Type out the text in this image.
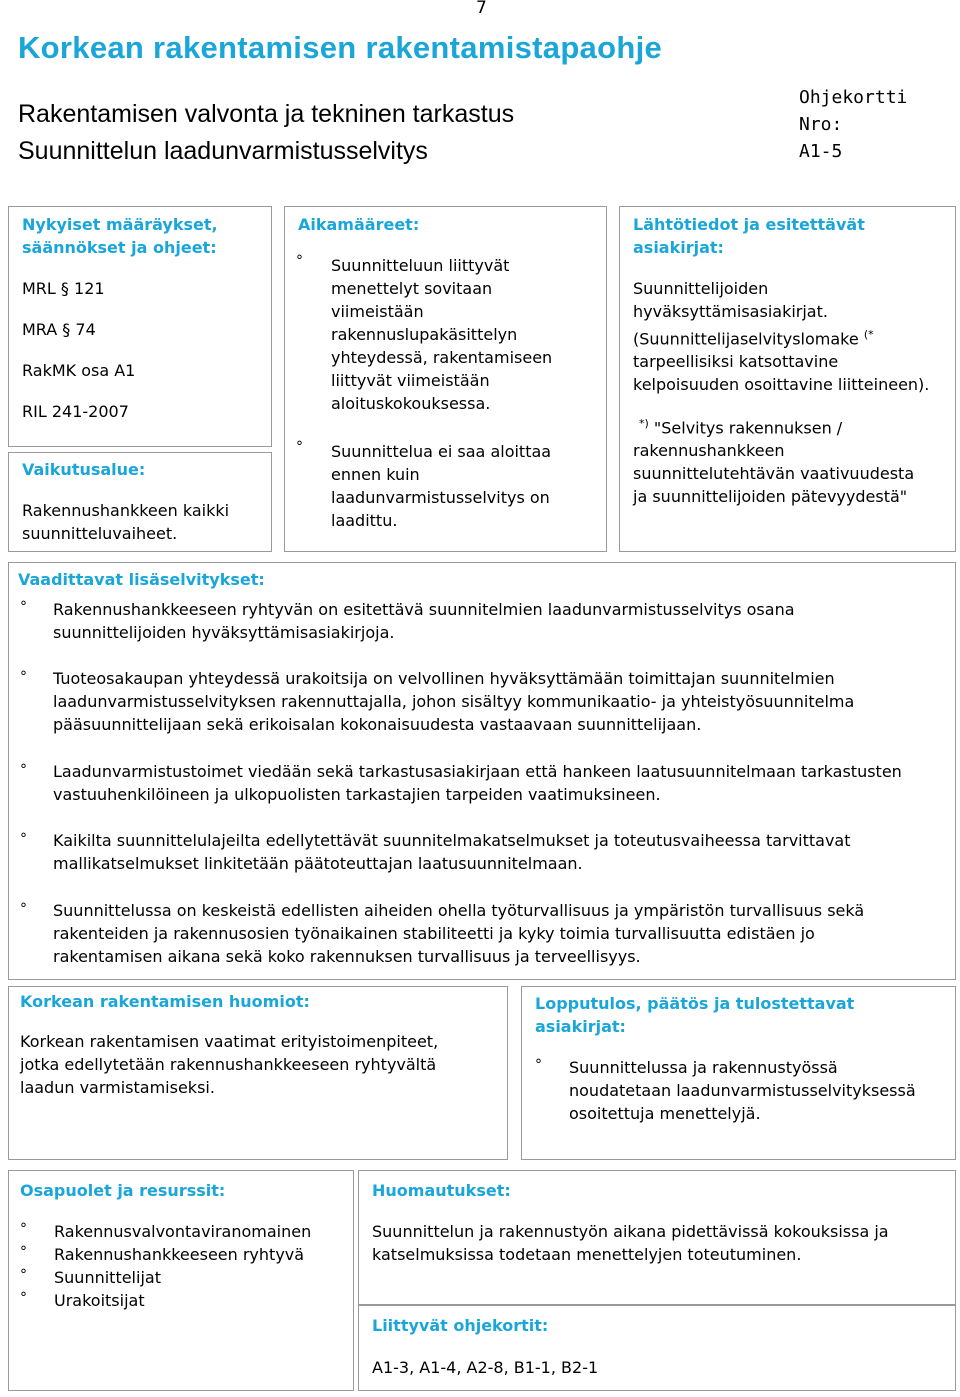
7
Korkean rakentamisen rakentamistapaohje
Rakentamisen valvonta ja tekninen tarkastus
Suunnittelun laadunvarmistusselvitys
Ohjekortti Nro:
A1-5
Nykyiset määräykset,
säännökset ja ohjeet:
MRL § 121
MRA § 74
RakMK osa A1
RIL 241-2007
Vaikutusalue:
Rakennushankkeen kaikki
suunnitteluvaiheet.
Aikamääreet:
° Suunnitteluun liittyvät
menettelyt sovitaan
viimeistään
rakennuslupakäsittelyn
yhteydessä, rakentamiseen
liittyvät viimeistään
aloituskokouksessa.
° Suunnittelua ei saa aloittaa
ennen kuin
laadunvarmistusselvitys on
laadittu.
Lähtötiedot ja esitettävät
asiakirjat:
Suunnittelijoiden
hyväksyttämisasiakirjat.
(Suunnittelijaselvityslomake (*
tarpeellisiksi katsottavine
kelpoisuuden osoittavine liitteineen).
*) "Selvitys rakennuksen /
rakennushankkeen
suunnittelutehtävän vaativuudesta
ja suunnittelijoiden pätevyydestä"
Vaadittavat lisäselvitykset:
° Rakennushankkeeseen ryhtyvän on esitettävä suunnitelmien laadunvarmistusselvitys osana
suunnittelijoiden hyväksyttämisasiakirjoja.
° Tuoteosakaupan yhteydessä urakoitsija on velvollinen hyväksyttämään toimittajan suunnitelmien
laadunvarmistusselvityksen rakennuttajalla, johon sisältyy kommunikaatio- ja yhteistyösuunnitelma
pääsuunnittelijaan sekä erikoisalan kokonaisuudesta vastaavaan suunnittelijaan.
° Laadunvarmistustoimet viedään sekä tarkastusasiakirjaan että hankeen laatusuunnitelmaan tarkastusten
vastuuhenkilöineen ja ulkopuolisten tarkastajien tarpeiden vaatimuksineen.
° Kaikilta suunnittelulajeilta edellytettävät suunnitelmakatselmukset ja toteutusvaiheessa tarvittavat
mallikatselmukset linkitetään päätoteuttajan laatusuunnitelmaan.
° Suunnittelussa on keskeistä edellisten aiheiden ohella työturvallisuus ja ympäristön turvallisuus sekä
rakenteiden ja rakennusosien työnaikainen stabiliteetti ja kyky toimia turvallisuutta edistäen jo
rakentamisen aikana sekä koko rakennuksen turvallisuus ja terveellisyys.
Korkean rakentamisen huomiot:
Korkean rakentamisen vaatimat erityistoimenpiteet,
jotka edellytetään rakennushankkeeseen ryhtyvältä
laadun varmistamiseksi.
Lopputulos, päätös ja tulostettavat
asiakirjat:
° Suunnittelussa ja rakennustyössä
noudatetaan laadunvarmistusselvityksessä
osoitettuja menettelyjä.
Osapuolet ja resurssit:
° Rakennusvalvontaviranomainen
° Rakennushankkeeseen ryhtyvä
° Suunnittelijat
° Urakoitsijat
Huomautukset:
Suunnittelun ja rakennustyön aikana pidettävissä kokouksissa ja
katselmuksissa todetaan menettelyjen toteutuminen.
Liittyvät ohjekortit:
A1-3, A1-4, A2-8, B1-1, B2-1
